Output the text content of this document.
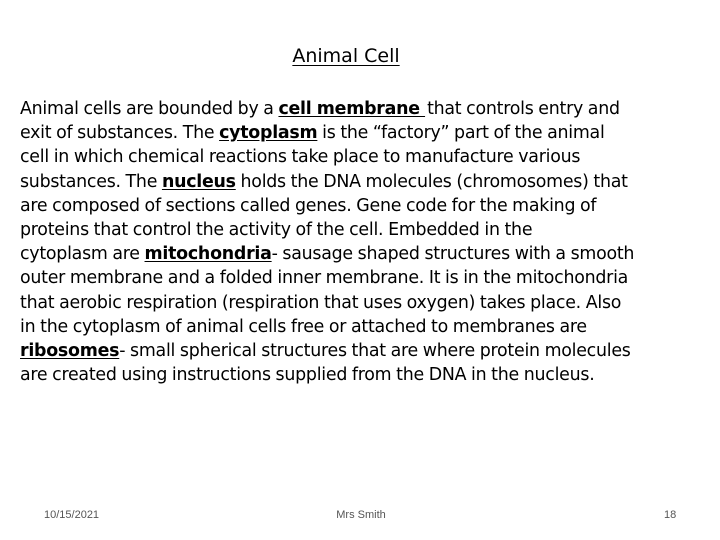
Animal Cell

Animal cells are bounded by a cell membrane that controls entry and
exit of substances. The cytoplasm is the “factory” part of the animal
cell in which chemical reactions take place to manufacture various
substances. The nucleus holds the DNA molecules (chromosomes) that
are composed of sections called genes. Gene code for the making of
proteins that control the activity of the cell. Embedded in the
cytoplasm are mitochondria- sausage shaped structures with a smooth
outer membrane and a folded inner membrane. It is in the mitochondria
that aerobic respiration (respiration that uses oxygen) takes place. Also
in the cytoplasm of animal cells free or attached to membranes are
ribosomes- small spherical structures that are where protein molecules
are created using instructions supplied from the DNA in the nucleus.

10/15/2021	Mrs Smith	18
